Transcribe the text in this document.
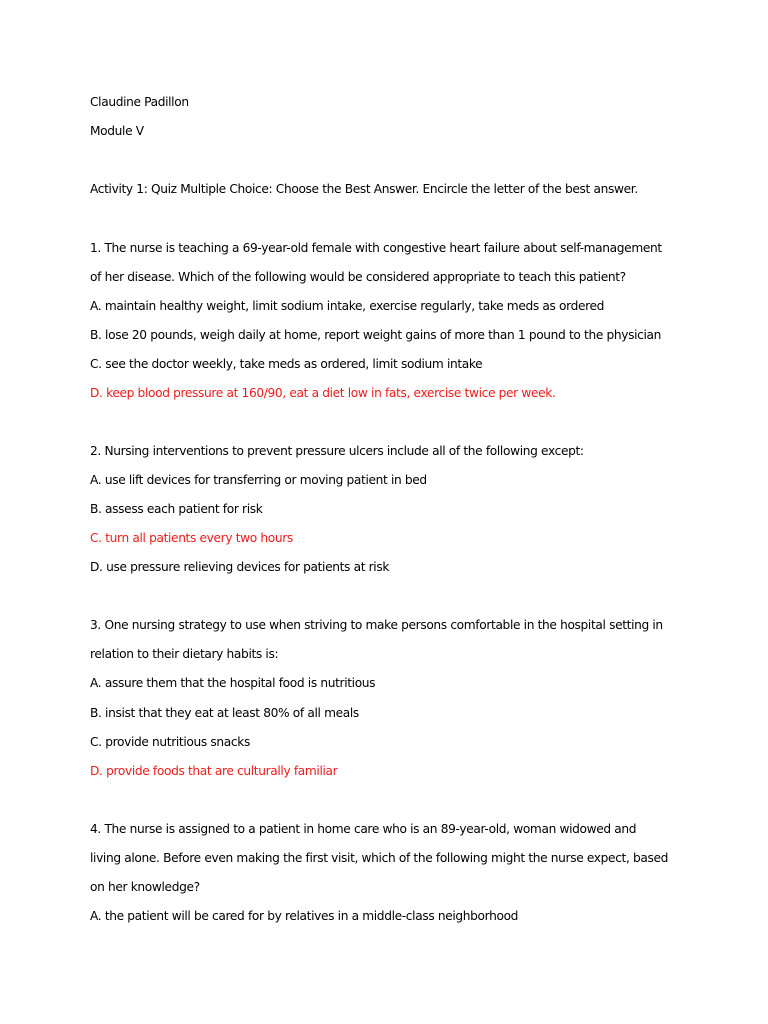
Claudine Padillon
Module V
Activity 1: Quiz Multiple Choice: Choose the Best Answer. Encircle the letter of the best answer.
1. The nurse is teaching a 69-year-old female with congestive heart failure about self-management
of her disease. Which of the following would be considered appropriate to teach this patient?
A. maintain healthy weight, limit sodium intake, exercise regularly, take meds as ordered
B. lose 20 pounds, weigh daily at home, report weight gains of more than 1 pound to the physician
C. see the doctor weekly, take meds as ordered, limit sodium intake
D. keep blood pressure at 160/90, eat a diet low in fats, exercise twice per week.
2. Nursing interventions to prevent pressure ulcers include all of the following except:
A. use lift devices for transferring or moving patient in bed
B. assess each patient for risk
C. turn all patients every two hours
D. use pressure relieving devices for patients at risk
3. One nursing strategy to use when striving to make persons comfortable in the hospital setting in
relation to their dietary habits is:
A. assure them that the hospital food is nutritious
B. insist that they eat at least 80% of all meals
C. provide nutritious snacks
D. provide foods that are culturally familiar
4. The nurse is assigned to a patient in home care who is an 89-year-old, woman widowed and
living alone. Before even making the first visit, which of the following might the nurse expect, based
on her knowledge?
A. the patient will be cared for by relatives in a middle-class neighborhood
